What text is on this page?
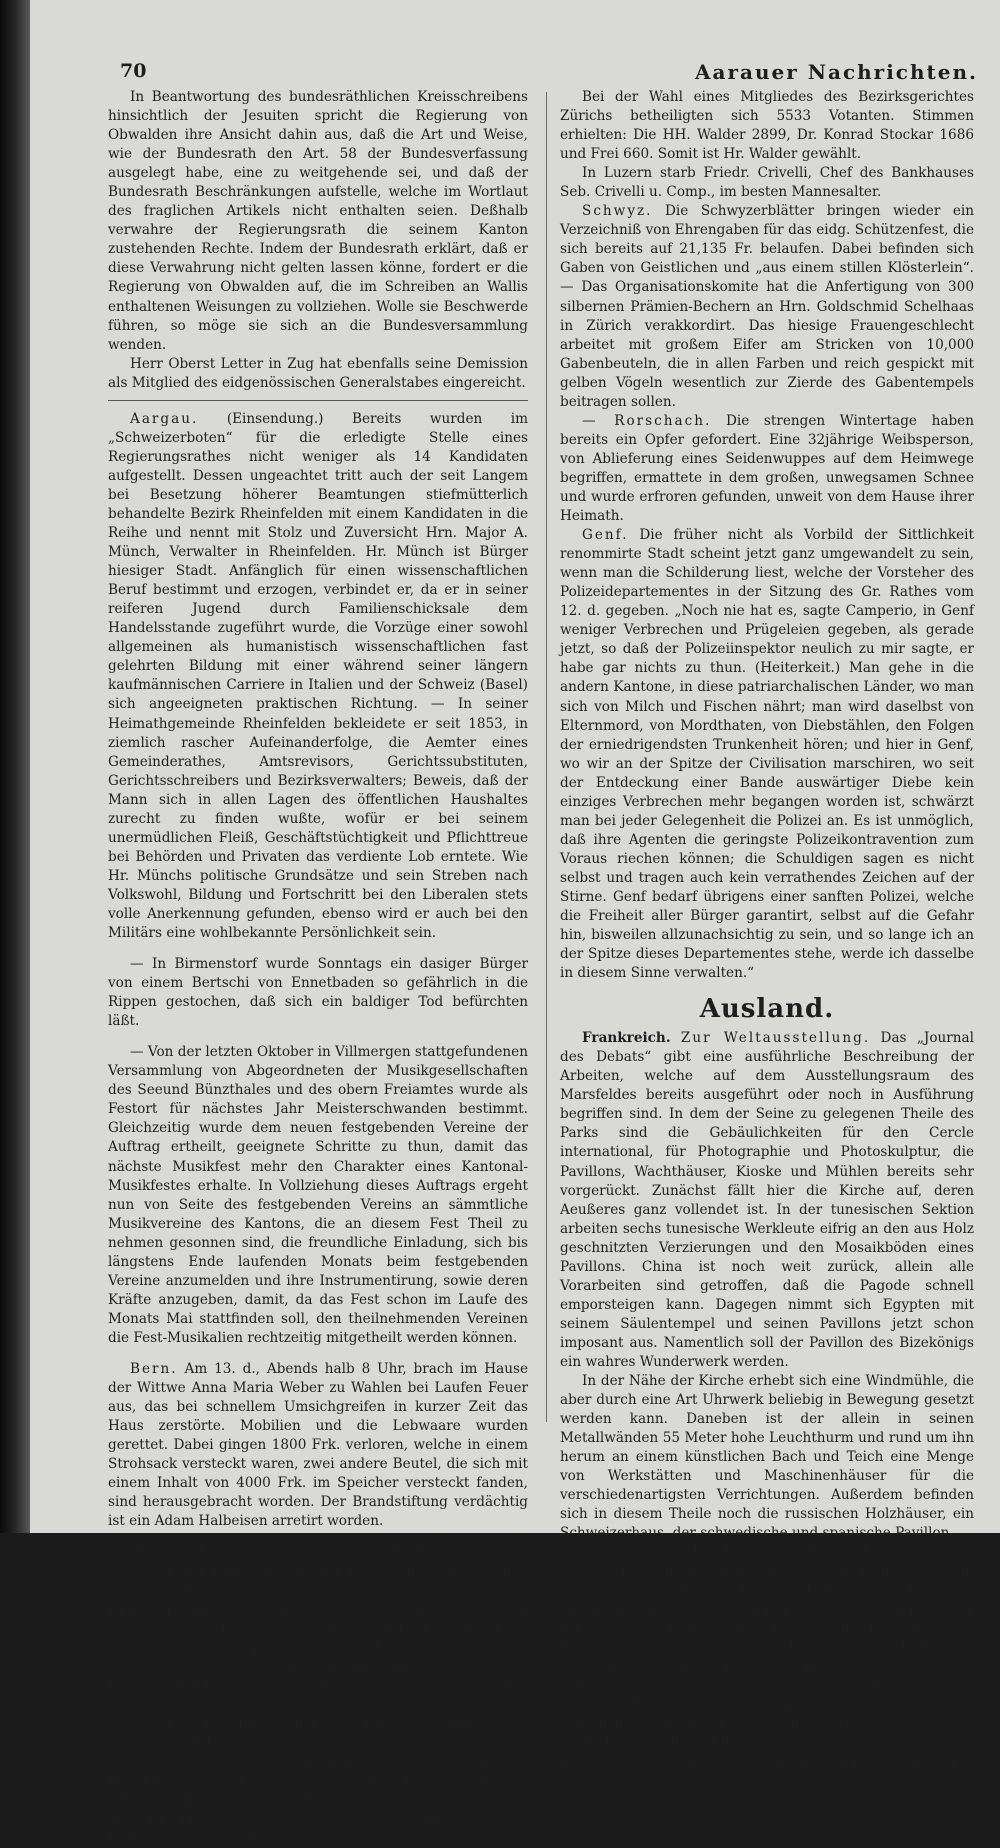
70	Aarauer Nachrichten.

In Beantwortung des bundesräthlichen Kreisschreibens hinsichtlich der Jesuiten spricht die Regierung von Obwalden ihre Ansicht dahin aus, daß die Art und Weise, wie der Bundesrath den Art. 58 der Bundesverfassung ausgelegt habe, eine zu weitgehende sei, und daß der Bundesrath Beschränkungen aufstelle, welche im Wortlaut des fraglichen Artikels nicht enthalten seien. Deßhalb verwahre der Regierungsrath die seinem Kanton zustehenden Rechte. Indem der Bundesrath erklärt, daß er diese Verwahrung nicht gelten lassen könne, fordert er die Regierung von Obwalden auf, die im Schreiben an Wallis enthaltenen Weisungen zu vollziehen. Wolle sie Beschwerde führen, so möge sie sich an die Bundesversammlung wenden.

Herr Oberst Letter in Zug hat ebenfalls seine Demission als Mitglied des eidgenössischen Generalstabes eingereicht.

Aargau. (Einsendung.) Bereits wurden im „Schweizerboten“ für die erledigte Stelle eines Regierungsrathes nicht weniger als 14 Kandidaten aufgestellt. Dessen ungeachtet tritt auch der seit Langem bei Besetzung höherer Beamtungen stiefmütterlich behandelte Bezirk Rheinfelden mit einem Kandidaten in die Reihe und nennt mit Stolz und Zuversicht Hrn. Major A. Münch, Verwalter in Rheinfelden. Hr. Münch ist Bürger hiesiger Stadt. Anfänglich für einen wissenschaftlichen Beruf bestimmt und erzogen, verbindet er, da er in seiner reiferen Jugend durch Familienschicksale dem Handelsstande zugeführt wurde, die Vorzüge einer sowohl allgemeinen als humanistisch wissenschaftlichen fast gelehrten Bildung mit einer während seiner längern kaufmännischen Carriere in Italien und der Schweiz (Basel) sich angeeigneten praktischen Richtung. — In seiner Heimathgemeinde Rheinfelden bekleidete er seit 1853, in ziemlich rascher Aufeinanderfolge, die Aemter eines Gemeinderathes, Amtsrevisors, Gerichtssubstituten, Gerichtsschreibers und Bezirksverwalters; Beweis, daß der Mann sich in allen Lagen des öffentlichen Haushaltes zurecht zu finden wußte, wofür er bei seinem unermüdlichen Fleiß, Geschäftstüchtigkeit und Pflichttreue bei Behörden und Privaten das verdiente Lob erntete. Wie Hr. Münchs politische Grundsätze und sein Streben nach Volkswohl, Bildung und Fortschritt bei den Liberalen stets volle Anerkennung gefunden, ebenso wird er auch bei den Militärs eine wohlbekannte Persönlichkeit sein.

— In Birmenstorf wurde Sonntags ein dasiger Bürger von einem Bertschi von Ennetbaden so gefährlich in die Rippen gestochen, daß sich ein baldiger Tod befürchten läßt.

— Von der letzten Oktober in Villmergen stattgefundenen Versammlung von Abgeordneten der Musikgesellschaften des Seeund Bünzthales und des obern Freiamtes wurde als Festort für nächstes Jahr Meisterschwanden bestimmt. Gleichzeitig wurde dem neuen festgebenden Vereine der Auftrag ertheilt, geeignete Schritte zu thun, damit das nächste Musikfest mehr den Charakter eines Kantonal-Musikfestes erhalte. In Vollziehung dieses Auftrags ergeht nun von Seite des festgebenden Vereins an sämmtliche Musikvereine des Kantons, die an diesem Fest Theil zu nehmen gesonnen sind, die freundliche Einladung, sich bis längstens Ende laufenden Monats beim festgebenden Vereine anzumelden und ihre Instrumentirung, sowie deren Kräfte anzugeben, damit, da das Fest schon im Laufe des Monats Mai stattfinden soll, den theilnehmenden Vereinen die Fest-Musikalien rechtzeitig mitgetheilt werden können.

Bern. Am 13. d., Abends halb 8 Uhr, brach im Hause der Wittwe Anna Maria Weber zu Wahlen bei Laufen Feuer aus, das bei schnellem Umsichgreifen in kurzer Zeit das Haus zerstörte. Mobilien und die Lebwaare wurden gerettet. Dabei gingen 1800 Frk. verloren, welche in einem Strohsack versteckt waren, zwei andere Beutel, die sich mit einem Inhalt von 4000 Frk. im Speicher versteckt fanden, sind herausgebracht worden. Der Brandstiftung verdächtig ist ein Adam Halbeisen arretirt worden.

Zürich. Kürzlich drohte auf der Nordostbahn eine jener schrecklichen Katastrophen, vor deren Möglichkeit schon das Menschenherz schaudert. Zwei in entgegengesetzter Richtung fortlaufende Trains bewegten sich (bei Tage) auf den gleichen Schienen und waren bis auf 50 Schritte nahe daran, mitten im Wipkingertunnel auf einander zu stoßen. Glücklicherweise konnte der Zusammenprall in der letzten Minute durch Signale noch verhindert werden. Die Angestellten, deren Nachlässigkeit das verhängnißvolle Versehen zur Last fällt, sollen exemplarisch bestraft worden sein; so meldet der „Unabhängige“ an Uster.

— Zürich, 21. Die gestrige Nationalrathswahl hat folgendes Resultat ergeben: Votanten 12,018. Stimmen erhielten: Hr. Stehli 5040, Hr. Schmid von Gattikon 4199 und Hr. Prof. v. Wyß 2405. Somit ist Hr. Stehli als Nationalrath gewählt.

Bei der Wahl eines Mitgliedes des Bezirksgerichtes Zürichs betheiligten sich 5533 Votanten. Stimmen erhielten: Die HH. Walder 2899, Dr. Konrad Stockar 1686 und Frei 660. Somit ist Hr. Walder gewählt.

In Luzern starb Friedr. Crivelli, Chef des Bankhauses Seb. Crivelli u. Comp., im besten Mannesalter.

Schwyz. Die Schwyzerblätter bringen wieder ein Verzeichniß von Ehrengaben für das eidg. Schützenfest, die sich bereits auf 21,135 Fr. belaufen. Dabei befinden sich Gaben von Geistlichen und „aus einem stillen Klösterlein“. — Das Organisationskomite hat die Anfertigung von 300 silbernen Prämien-Bechern an Hrn. Goldschmid Schelhaas in Zürich verakkordirt. Das hiesige Frauengeschlecht arbeitet mit großem Eifer am Stricken von 10,000 Gabenbeuteln, die in allen Farben und reich gespickt mit gelben Vögeln wesentlich zur Zierde des Gabentempels beitragen sollen.

— Rorschach. Die strengen Wintertage haben bereits ein Opfer gefordert. Eine 32jährige Weibsperson, von Ablieferung eines Seidenwuppes auf dem Heimwege begriffen, ermattete in dem großen, unwegsamen Schnee und wurde erfroren gefunden, unweit von dem Hause ihrer Heimath.

Genf. Die früher nicht als Vorbild der Sittlichkeit renommirte Stadt scheint jetzt ganz umgewandelt zu sein, wenn man die Schilderung liest, welche der Vorsteher des Polizeidepartementes in der Sitzung des Gr. Rathes vom 12. d. gegeben. „Noch nie hat es, sagte Camperio, in Genf weniger Verbrechen und Prügeleien gegeben, als gerade jetzt, so daß der Polizeiinspektor neulich zu mir sagte, er habe gar nichts zu thun. (Heiterkeit.) Man gehe in die andern Kantone, in diese patriarchalischen Länder, wo man sich von Milch und Fischen nährt; man wird daselbst von Elternmord, von Mordthaten, von Diebstählen, den Folgen der erniedrigendsten Trunkenheit hören; und hier in Genf, wo wir an der Spitze der Civilisation marschiren, wo seit der Entdeckung einer Bande auswärtiger Diebe kein einziges Verbrechen mehr begangen worden ist, schwärzt man bei jeder Gelegenheit die Polizei an. Es ist unmöglich, daß ihre Agenten die geringste Polizeikontravention zum Voraus riechen können; die Schuldigen sagen es nicht selbst und tragen auch kein verrathendes Zeichen auf der Stirne. Genf bedarf übrigens einer sanften Polizei, welche die Freiheit aller Bürger garantirt, selbst auf die Gefahr hin, bisweilen allzunachsichtig zu sein, und so lange ich an der Spitze dieses Departementes stehe, werde ich dasselbe in diesem Sinne verwalten.“

Ausland.

Frankreich. Zur Weltausstellung. Das „Journal des Debats“ gibt eine ausführliche Beschreibung der Arbeiten, welche auf dem Ausstellungsraum des Marsfeldes bereits ausgeführt oder noch in Ausführung begriffen sind. In dem der Seine zu gelegenen Theile des Parks sind die Gebäulichkeiten für den Cercle international, für Photographie und Photoskulptur, die Pavillons, Wachthäuser, Kioske und Mühlen bereits sehr vorgerückt. Zunächst fällt hier die Kirche auf, deren Aeußeres ganz vollendet ist. In der tunesischen Sektion arbeiten sechs tunesische Werkleute eifrig an den aus Holz geschnitzten Verzierungen und den Mosaikböden eines Pavillons. China ist noch weit zurück, allein alle Vorarbeiten sind getroffen, daß die Pagode schnell emporsteigen kann. Dagegen nimmt sich Egypten mit seinem Säulentempel und seinen Pavillons jetzt schon imposant aus. Namentlich soll der Pavillon des Bizekönigs ein wahres Wunderwerk werden.

In der Nähe der Kirche erhebt sich eine Windmühle, die aber durch eine Art Uhrwerk beliebig in Bewegung gesetzt werden kann. Daneben ist der allein in seinen Metallwänden 55 Meter hohe Leuchthurm und rund um ihn herum an einem künstlichen Bach und Teich eine Menge von Werkstätten und Maschinenhäuser für die verschiedenartigsten Verrichtungen. Außerdem befinden sich in diesem Theile noch die russischen Holzhäuser, ein Schweizerhaus, der schwedische und spanische Pavillon.

Auf dem belgischen Raum, der Militärschule gegenüber, wird ein reservirter Garten angelegt. Ferner gibt es auch in dem Park einen kleinen Kristallpalast, ein Treibhaus, ein botanisches Diorama, einen Kolibripalast, einen Kiosk für Blumen und Bouquets, einen Kiosk für die Kaiserin, einen Pavillon für Orchester, einen besondern Teich für die Karpfen von Fontainebleau, ein Süßwasser- und Salzwasser-Aquarium, von denen letzteres 45 Meter lang und 15 Meter breit wird. Beide werden durch eine künstliche Steinbildung in Grotten verwandelt.

Im Innern selbst ist das große Maschinentransept fertig. In dessen Mitte läuft eine 3 Meter hohe Gallerie durch, auf
